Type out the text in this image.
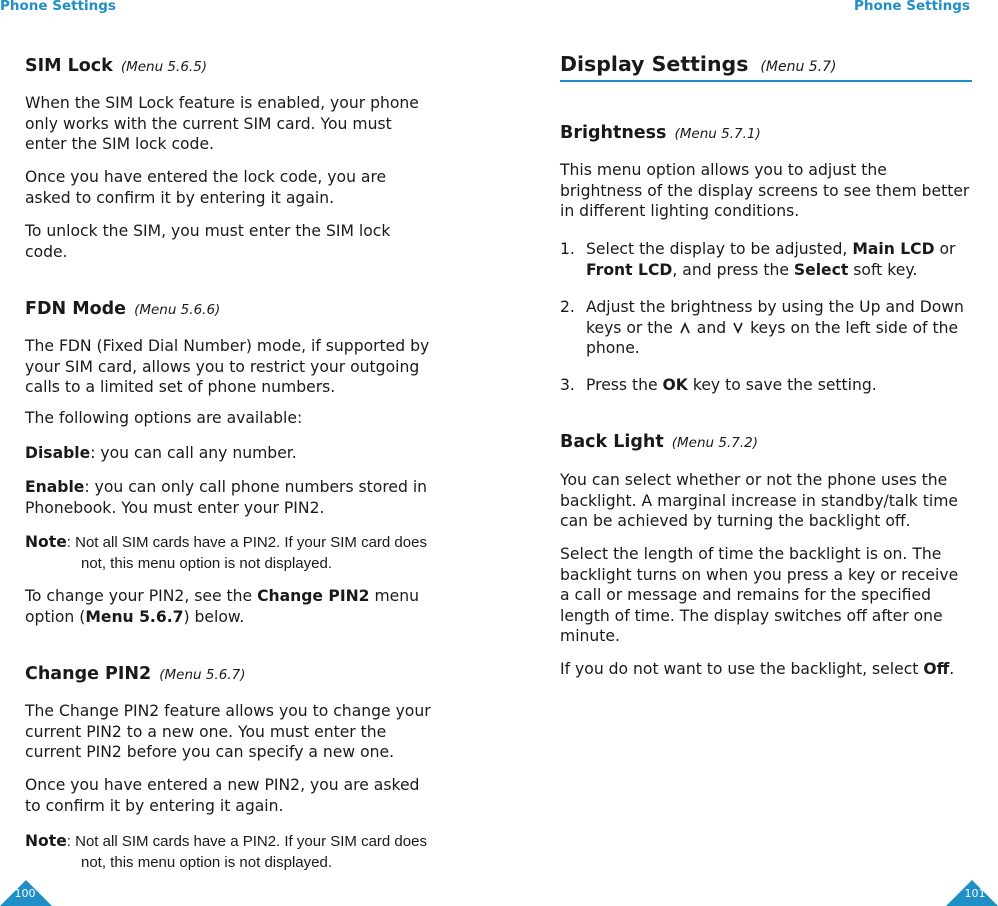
Phone Settings	Phone Settings
SIM Lock (Menu 5.6.5)

When the SIM Lock feature is enabled, your phone only works with the current SIM card. You must enter the SIM lock code.

Once you have entered the lock code, you are asked to confirm it by entering it again.

To unlock the SIM, you must enter the SIM lock code.

FDN Mode (Menu 5.6.6)

The FDN (Fixed Dial Number) mode, if supported by your SIM card, allows you to restrict your outgoing calls to a limited set of phone numbers.

The following options are available:

Disable: you can call any number.

Enable: you can only call phone numbers stored in Phonebook. You must enter your PIN2.

Note: Not all SIM cards have a PIN2. If your SIM card does not, this menu option is not displayed.

To change your PIN2, see the Change PIN2 menu option (Menu 5.6.7) below.

Change PIN2 (Menu 5.6.7)

The Change PIN2 feature allows you to change your current PIN2 to a new one. You must enter the current PIN2 before you can specify a new one.

Once you have entered a new PIN2, you are asked to confirm it by entering it again.

Note: Not all SIM cards have a PIN2. If your SIM card does not, this menu option is not displayed.
100
Display Settings (Menu 5.7)
Brightness (Menu 5.7.1)

This menu option allows you to adjust the brightness of the display screens to see them better in different lighting conditions.

1. Select the display to be adjusted, Main LCD or Front LCD, and press the Select soft key.
2. Adjust the brightness by using the Up and Down keys or the  and  keys on the left side of the phone.
3. Press the OK key to save the setting.
Back Light (Menu 5.7.2)

You can select whether or not the phone uses the backlight. A marginal increase in standby/talk time can be achieved by turning the backlight off.

Select the length of time the backlight is on. The backlight turns on when you press a key or receive a call or message and remains for the specified length of time. The display switches off after one minute.

If you do not want to use the backlight, select Off.

101
